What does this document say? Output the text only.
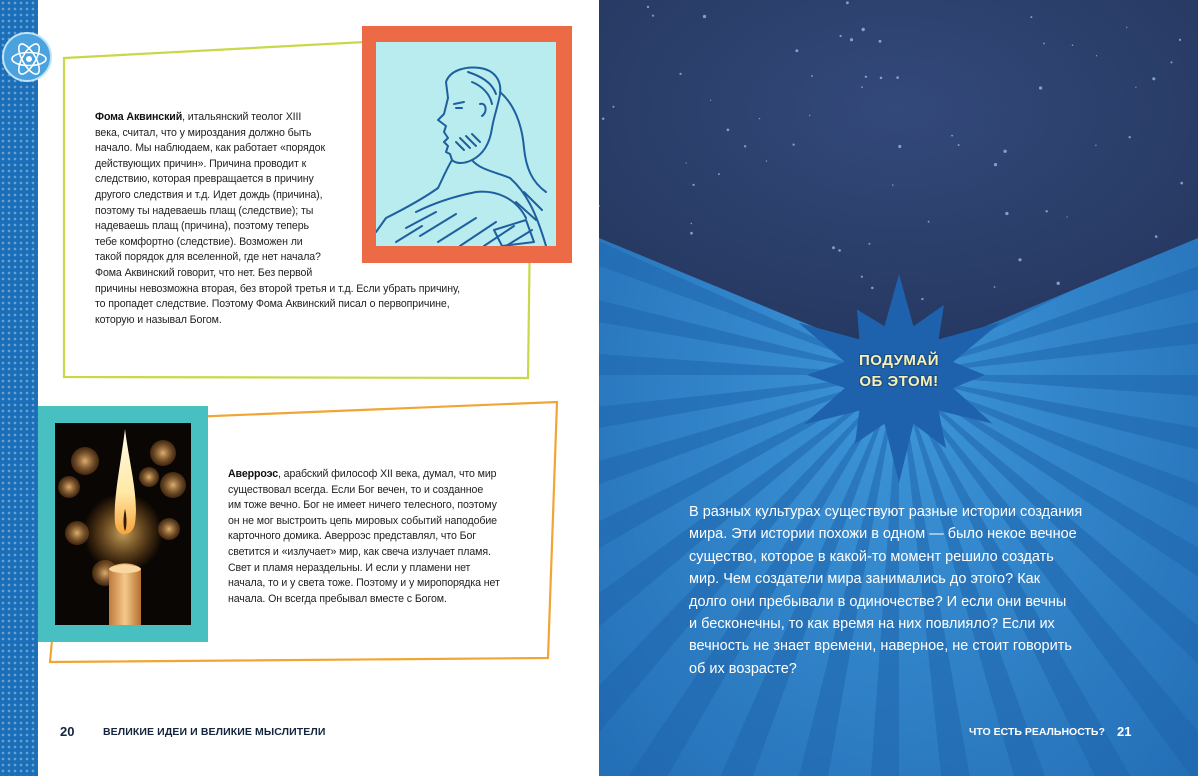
Фома Аквинский, итальянский теолог XIII
века, считал, что у мироздания должно быть
начало. Мы наблюдаем, как работает «порядок
действующих причин». Причина проводит к
следствию, которая превращается в причину
другого следствия и т.д. Идет дождь (причина),
поэтому ты надеваешь плащ (следствие); ты
надеваешь плащ (причина), поэтому теперь
тебе комфортно (следствие). Возможен ли
такой порядок для вселенной, где нет начала?
Фома Аквинский говорит, что нет. Без первой
причины невозможна вторая, без второй третья и т.д. Если убрать причину,
то пропадет следствие. Поэтому Фома Аквинский писал о первопричине,
которую и называл Богом.
Аверроэс, арабский философ XII века, думал, что мир
существовал всегда. Если Бог вечен, то и созданное
им тоже вечно. Бог не имеет ничего телесного, поэтому
он не мог выстроить цепь мировых событий наподобие
карточного домика. Аверроэс представлял, что Бог
светится и «излучает» мир, как свеча излучает пламя.
Свет и пламя нераздельны. И если у пламени нет
начала, то и у света тоже. Поэтому и у миропорядка нет
начала. Он всегда пребывал вместе с Богом.
20	ВЕЛИКИЕ ИДЕИ И ВЕЛИКИЕ МЫСЛИТЕЛИ
ПОДУМАЙ
ОБ ЭТОМ!
В разных культурах существуют разные истории создания
мира. Эти истории похожи в одном — было некое вечное
существо, которое в какой-то момент решило создать
мир. Чем создатели мира занимались до этого? Как
долго они пребывали в одиночестве? И если они вечны
и бесконечны, то как время на них повлияло? Если их
вечность не знает времени, наверное, не стоит говорить
об их возрасте?
ЧТО ЕСТЬ РЕАЛЬНОСТЬ? 21
